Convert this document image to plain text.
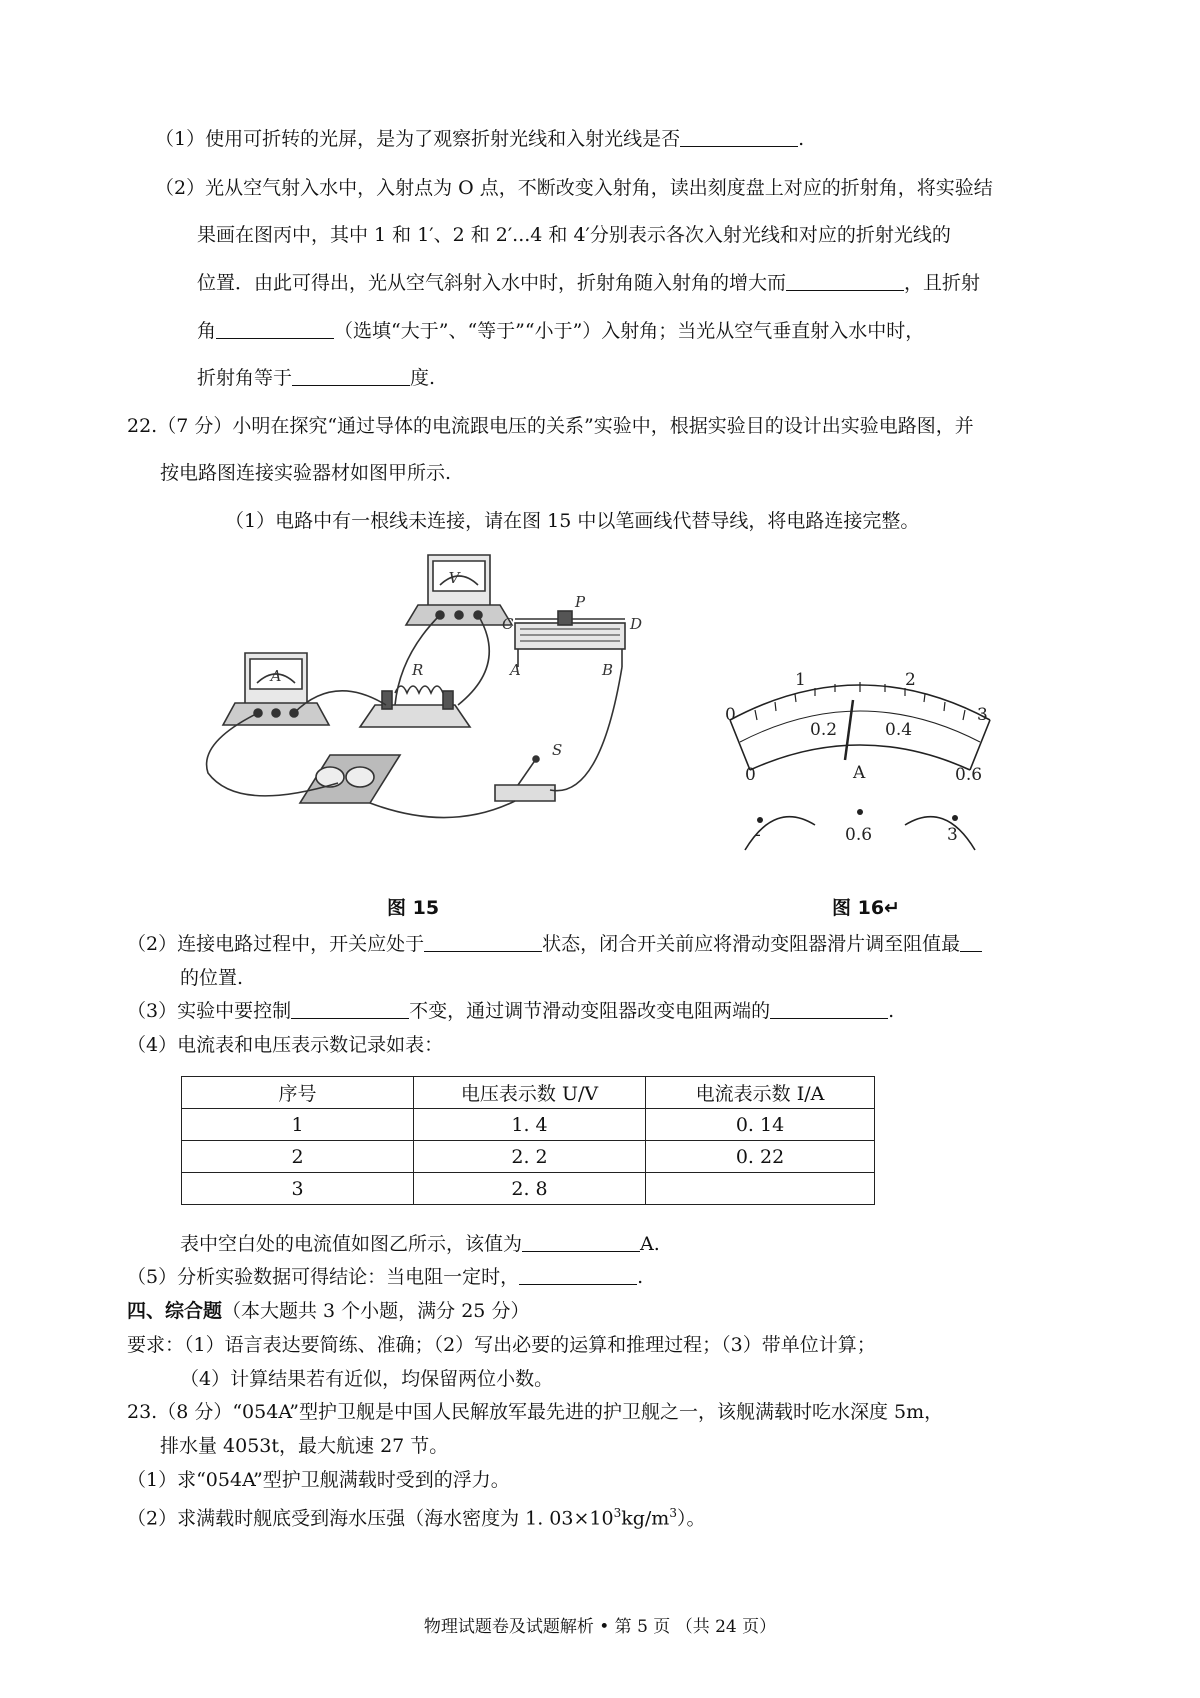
（1）使用可折转的光屏，是为了观察折射光线和入射光线是否	.
（2）光从空气射入水中，入射点为 O 点，不断改变入射角，读出刻度盘上对应的折射角，将实验结
果画在图丙中，其中 1 和 1′、2 和 2′...4 和 4′分别表示各次入射光线和对应的折射光线的
位置．由此可得出，光从空气斜射入水中时，折射角随入射角的增大而	，且折射
角	（选填“大于”、“等于”“小于”）入射角；当光从空气垂直射入水中时，
折射角等于	度.
22.（7 分）小明在探究“通过导体的电流跟电压的关系”实验中，根据实验目的设计出实验电路图，并
按电路图连接实验器材如图甲所示.
（1）电路中有一根线未连接，请在图 15 中以笔画线代替导线，将电路连接完整。
V
A	R
P
C	D
A	B
S
0
1	2
3
0
0.2	0.4
0.6
A
-	0.6	3
图 15	图 16↵
（2）连接电路过程中，开关应处于	状态，闭合开关前应将滑动变阻器滑片调至阻值最
的位置.
（3）实验中要控制	不变，通过调节滑动变阻器改变电阻两端的	.
（4）电流表和电压表示数记录如表：
序号	电压表示数 U/V	电流表示数 I/A
1	1. 4	0. 14
2	2. 2	0. 22
3	2. 8	
表中空白处的电流值如图乙所示，该值为	A.
（5）分析实验数据可得结论：当电阻一定时，	.
四、综合题（本大题共 3 个小题，满分 25 分）
要求：（1）语言表达要简练、准确；（2）写出必要的运算和推理过程；（3）带单位计算；
（4）计算结果若有近似，均保留两位小数。
23.（8 分）“054A”型护卫舰是中国人民解放军最先进的护卫舰之一，该舰满载时吃水深度 5m，
排水量 4053t，最大航速 27 节。
（1）求“054A”型护卫舰满载时受到的浮力。
（2）求满载时舰底受到海水压强（海水密度为 1. $03\times 10^3kg/m^3$）。
物理试题卷及试题解析 • 第 5 页 （共 24 页）
